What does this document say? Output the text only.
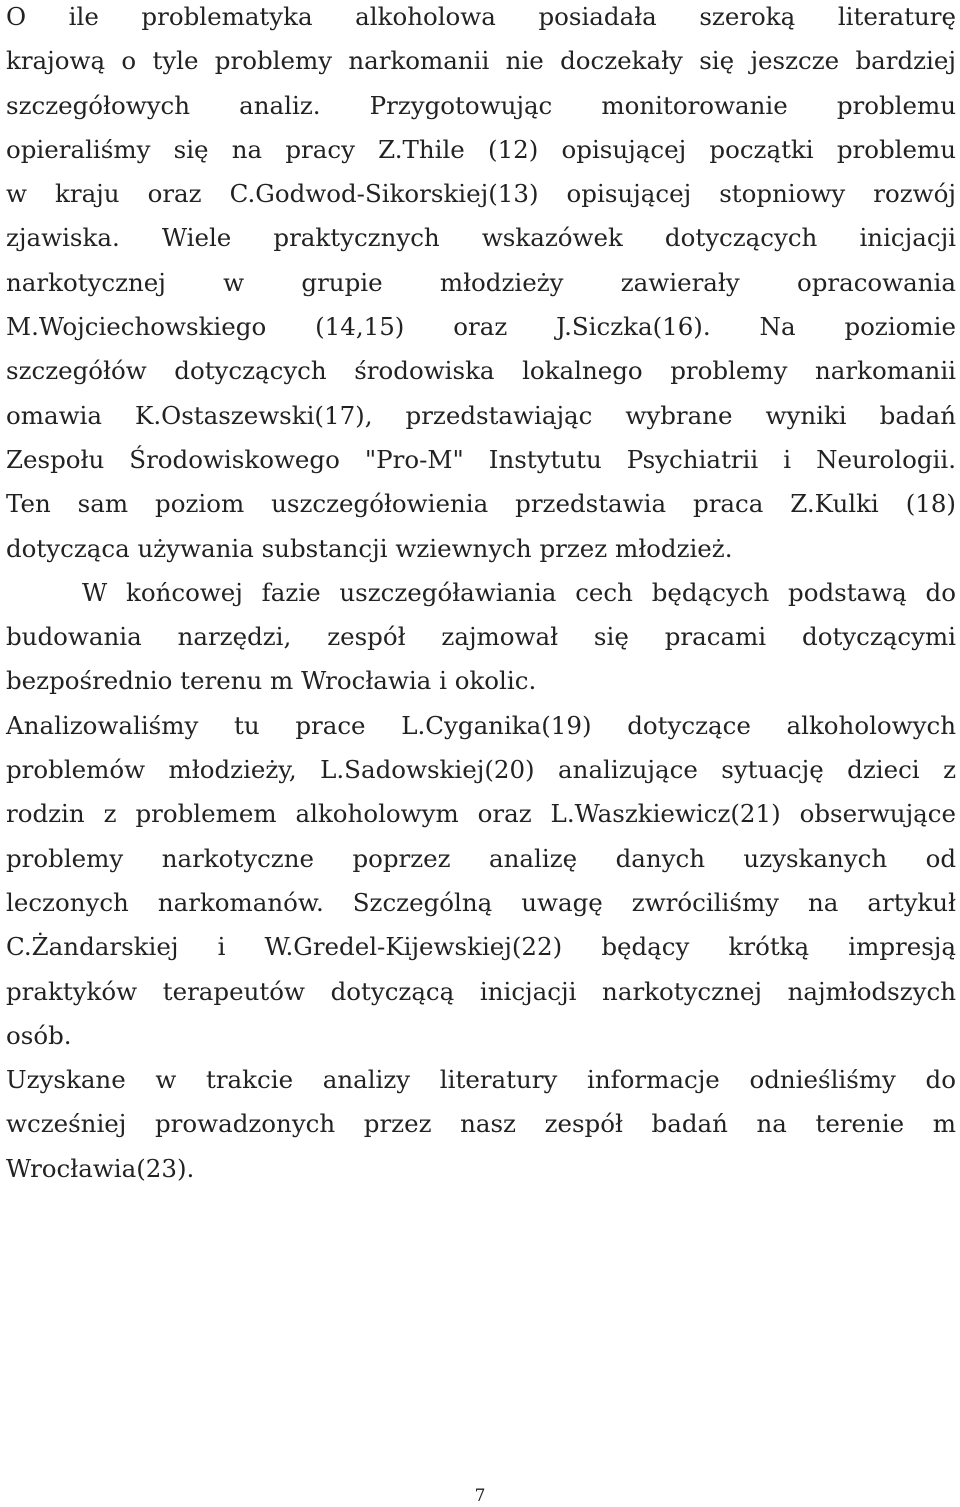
O ile problematyka alkoholowa posiadała szeroką literaturę
krajową o tyle problemy narkomanii nie doczekały się jeszcze bardziej
szczegółowych analiz. Przygotowując monitorowanie problemu
opieraliśmy się na pracy Z.Thile (12) opisującej początki problemu
w kraju oraz C.Godwod-Sikorskiej(13) opisującej stopniowy rozwój
zjawiska. Wiele praktycznych wskazówek dotyczących inicjacji
narkotycznej w grupie młodzieży zawierały opracowania
M.Wojciechowskiego (14,15) oraz J.Siczka(16). Na poziomie
szczegółów dotyczących środowiska lokalnego problemy narkomanii
omawia K.Ostaszewski(17), przedstawiając wybrane wyniki badań
Zespołu Środowiskowego "Pro-M" Instytutu Psychiatrii i Neurologii.
Ten sam poziom uszczegółowienia przedstawia praca Z.Kulki (18)
dotycząca używania substancji wziewnych przez młodzież.
W końcowej fazie uszczegóławiania cech będących podstawą do
budowania narzędzi, zespół zajmował się pracami dotyczącymi
bezpośrednio terenu m Wrocławia i okolic.
Analizowaliśmy tu prace L.Cyganika(19) dotyczące alkoholowych
problemów młodzieży, L.Sadowskiej(20) analizujące sytuację dzieci z
rodzin z problemem alkoholowym oraz L.Waszkiewicz(21) obserwujące
problemy narkotyczne poprzez analizę danych uzyskanych od
leczonych narkomanów. Szczególną uwagę zwróciliśmy na artykuł
C.Żandarskiej i W.Gredel-Kijewskiej(22) będący krótką impresją
praktyków terapeutów dotyczącą inicjacji narkotycznej najmłodszych
osób.
Uzyskane w trakcie analizy literatury informacje odnieśliśmy do
wcześniej prowadzonych przez nasz zespół badań na terenie m
Wrocławia(23).
7
